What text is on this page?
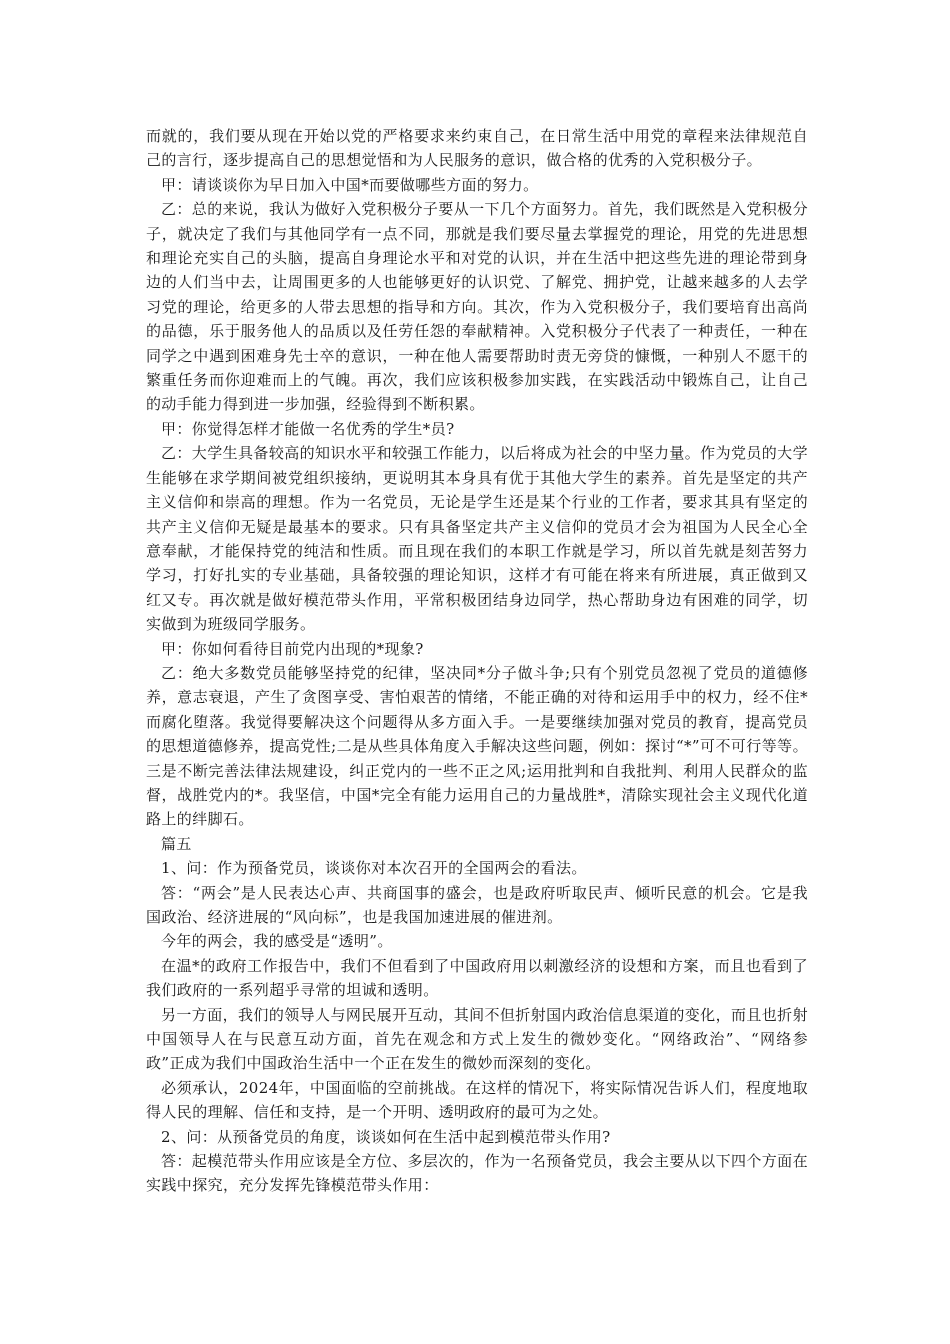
而就的，我们要从现在开始以党的严格要求来约束自己，在日常生活中用党的章程来法律规范自己的言行，逐步提高自己的思想觉悟和为人民服务的意识，做合格的优秀的入党积极分子。

甲：请谈谈你为早日加入中国*而要做哪些方面的努力。

乙：总的来说，我认为做好入党积极分子要从一下几个方面努力。首先，我们既然是入党积极分子，就决定了我们与其他同学有一点不同，那就是我们要尽量去掌握党的理论，用党的先进思想和理论充实自己的头脑，提高自身理论水平和对党的认识，并在生活中把这些先进的理论带到身边的人们当中去，让周围更多的人也能够更好的认识党、了解党、拥护党，让越来越多的人去学习党的理论，给更多的人带去思想的指导和方向。其次，作为入党积极分子，我们要培育出高尚的品德，乐于服务他人的品质以及任劳任怨的奉献精神。入党积极分子代表了一种责任，一种在同学之中遇到困难身先士卒的意识，一种在他人需要帮助时责无旁贷的慷慨，一种别人不愿干的繁重任务而你迎难而上的气魄。再次，我们应该积极参加实践，在实践活动中锻炼自己，让自己的动手能力得到进一步加强，经验得到不断积累。

甲：你觉得怎样才能做一名优秀的学生*员?

乙：大学生具备较高的知识水平和较强工作能力，以后将成为社会的中坚力量。作为党员的大学生能够在求学期间被党组织接纳，更说明其本身具有优于其他大学生的素养。首先是坚定的共产主义信仰和崇高的理想。作为一名党员，无论是学生还是某个行业的工作者，要求其具有坚定的共产主义信仰无疑是最基本的要求。只有具备坚定共产主义信仰的党员才会为祖国为人民全心全意奉献，才能保持党的纯洁和性质。而且现在我们的本职工作就是学习，所以首先就是刻苦努力学习，打好扎实的专业基础，具备较强的理论知识，这样才有可能在将来有所进展，真正做到又红又专。再次就是做好模范带头作用，平常积极团结身边同学，热心帮助身边有困难的同学，切实做到为班级同学服务。

甲：你如何看待目前党内出现的*现象?

乙：绝大多数党员能够坚持党的纪律，坚决同*分子做斗争;只有个别党员忽视了党员的道德修养，意志衰退，产生了贪图享受、害怕艰苦的情绪，不能正确的对待和运用手中的权力，经不住*而腐化堕落。我觉得要解决这个问题得从多方面入手。一是要继续加强对党员的教育，提高党员的思想道德修养，提高党性;二是从些具体角度入手解决这些问题，例如：探讨“*”可不可行等等。三是不断完善法律法规建设，纠正党内的一些不正之风;运用批判和自我批判、利用人民群众的监督，战胜党内的*。我坚信，中国*完全有能力运用自己的力量战胜*，清除实现社会主义现代化道路上的绊脚石。

篇五

1、问：作为预备党员，谈谈你对本次召开的全国两会的看法。

答：“两会”是人民表达心声、共商国事的盛会，也是政府听取民声、倾听民意的机会。它是我国政治、经济进展的“风向标”，也是我国加速进展的催进剂。

今年的两会，我的感受是“透明”。

在温*的政府工作报告中，我们不但看到了中国政府用以刺激经济的设想和方案，而且也看到了我们政府的一系列超乎寻常的坦诚和透明。

另一方面，我们的领导人与网民展开互动，其间不但折射国内政治信息渠道的变化，而且也折射中国领导人在与民意互动方面，首先在观念和方式上发生的微妙变化。“网络政治”、“网络参政”正成为我们中国政治生活中一个正在发生的微妙而深刻的变化。

必须承认，2024年，中国面临的空前挑战。在这样的情况下，将实际情况告诉人们，程度地取得人民的理解、信任和支持，是一个开明、透明政府的最可为之处。

2、问：从预备党员的角度，谈谈如何在生活中起到模范带头作用?

答：起模范带头作用应该是全方位、多层次的，作为一名预备党员，我会主要从以下四个方面在实践中探究，充分发挥先锋模范带头作用：
